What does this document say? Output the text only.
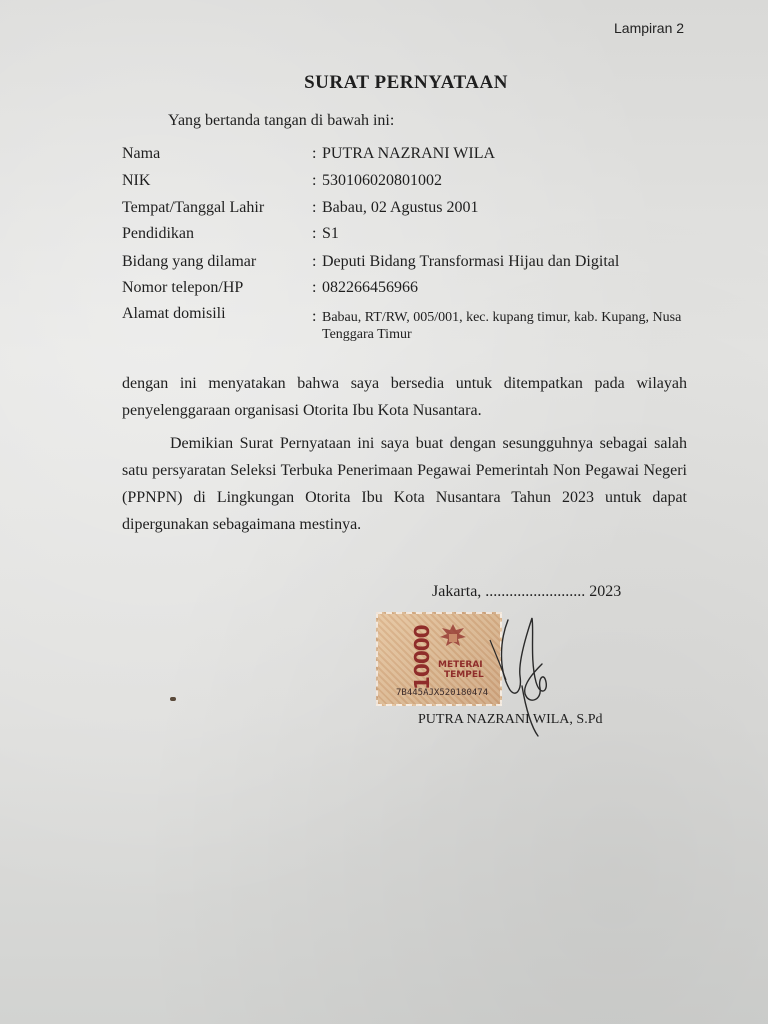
Lampiran 2
SURAT PERNYATAAN
Yang bertanda tangan di bawah ini:
Nama	: PUTRA NAZRANI WILA
NIK	: 530106020801002
Tempat/Tanggal Lahir	: Babau, 02 Agustus 2001
Pendidikan	: S1
Bidang yang dilamar	: Deputi Bidang Transformasi Hijau dan Digital
Nomor telepon/HP	: 082266456966
Alamat domisili	: Babau, RT/RW, 005/001, kec. kupang timur, kab. Kupang, Nusa Tenggara Timur
dengan ini menyatakan bahwa saya bersedia untuk ditempatkan pada wilayah penyelenggaraan organisasi Otorita Ibu Kota Nusantara.
Demikian Surat Pernyataan ini saya buat dengan sesungguhnya sebagai salah satu persyaratan Seleksi Terbuka Penerimaan Pegawai Pemerintah Non Pegawai Negeri (PPNPN) di Lingkungan Otorita Ibu Kota Nusantara Tahun 2023 untuk dapat dipergunakan sebagaimana mestinya.
Jakarta, ......................... 2023
10000 METERAI
TEMPEL
7B445AJX520180474
PUTRA NAZRANI WILA, S.Pd
